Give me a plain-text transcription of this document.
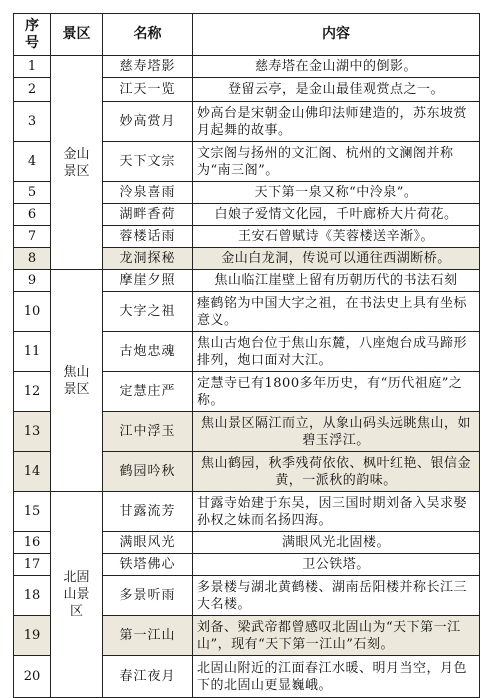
序号	景区	名称	内容
1	金山景区	慈寿塔影	慈寿塔在金山湖中的倒影。
2		江天一览	登留云亭，是金山最佳观赏点之一。
3		妙高赏月	妙高台是宋朝金山佛印法师建造的，苏东坡赏月起舞的故事。
4		天下文宗	文宗阁与扬州的文汇阁、杭州的文澜阁并称为“南三阁”。
5		泠泉喜雨	天下第一泉又称“中泠泉”。
6		湖畔香荷	白娘子爱情文化园，千叶廊桥大片荷花。
7		蓉楼话雨	王安石曾赋诗《芙蓉楼送辛渐》。
8		龙洞探秘	金山白龙洞，传说可以通往西湖断桥。
9	焦山景区	摩崖夕照	焦山临江崖壁上留有历朝历代的书法石刻
10		大字之祖	瘗鹤铭为中国大字之祖，在书法史上具有坐标意义。
11		古炮忠魂	焦山古炮台位于焦山东麓，八座炮台成马蹄形排列，炮口面对大江。
12		定慧庄严	定慧寺已有1800多年历史，有“历代祖庭”之称。
13		江中浮玉	焦山景区隔江而立，从象山码头远眺焦山，如碧玉浮江。
14		鹤园吟秋	焦山鹤园，秋季残荷依依、枫叶红艳、银信金黄，一派秋的韵味。
15	北固山景区	甘露流芳	甘露寺始建于东吴，因三国时期刘备入吴求娶孙权之妹而名扬四海。
16		满眼风光	满眼风光北固楼。
17		铁塔佛心	卫公铁塔。
18		多景听雨	多景楼与湖北黄鹤楼、湖南岳阳楼并称长江三大名楼。
19		第一江山	刘备、梁武帝都曾感叹北固山为“天下第一江山”，现有“天下第一江山”石刻。
20		春江夜月	北固山附近的江面春江水暖、明月当空，月色下的北固山更显巍峨。
